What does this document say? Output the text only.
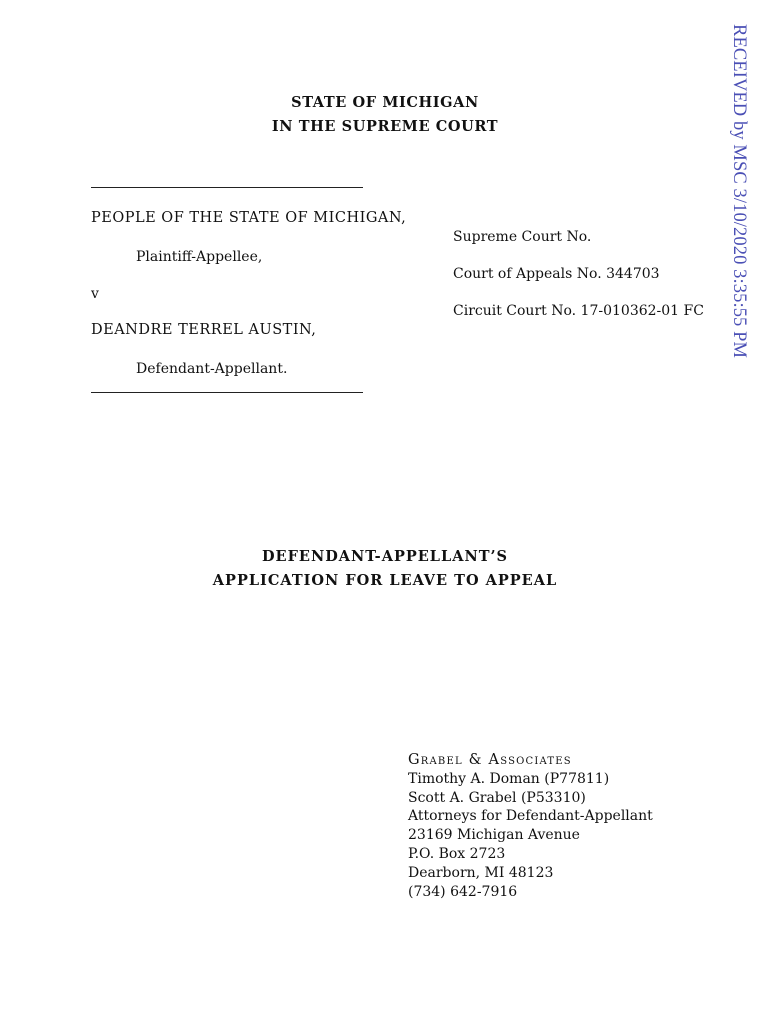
STATE OF MICHIGAN
IN THE SUPREME COURT
PEOPLE OF THE STATE OF MICHIGAN,
Plaintiff-Appellee,
v
DEANDRE TERREL AUSTIN,
Defendant-Appellant.
Supreme Court No.
Court of Appeals No. 344703
Circuit Court No. 17-010362-01 FC
DEFENDANT-APPELLANT’S
APPLICATION FOR LEAVE TO APPEAL
Grabel & Associates
Timothy A. Doman (P77811)
Scott A. Grabel (P53310)
Attorneys for Defendant-Appellant
23169 Michigan Avenue
P.O. Box 2723
Dearborn, MI 48123
(734) 642-7916
RECEIVED by MSC 3/10/2020 3:35:55 PM
